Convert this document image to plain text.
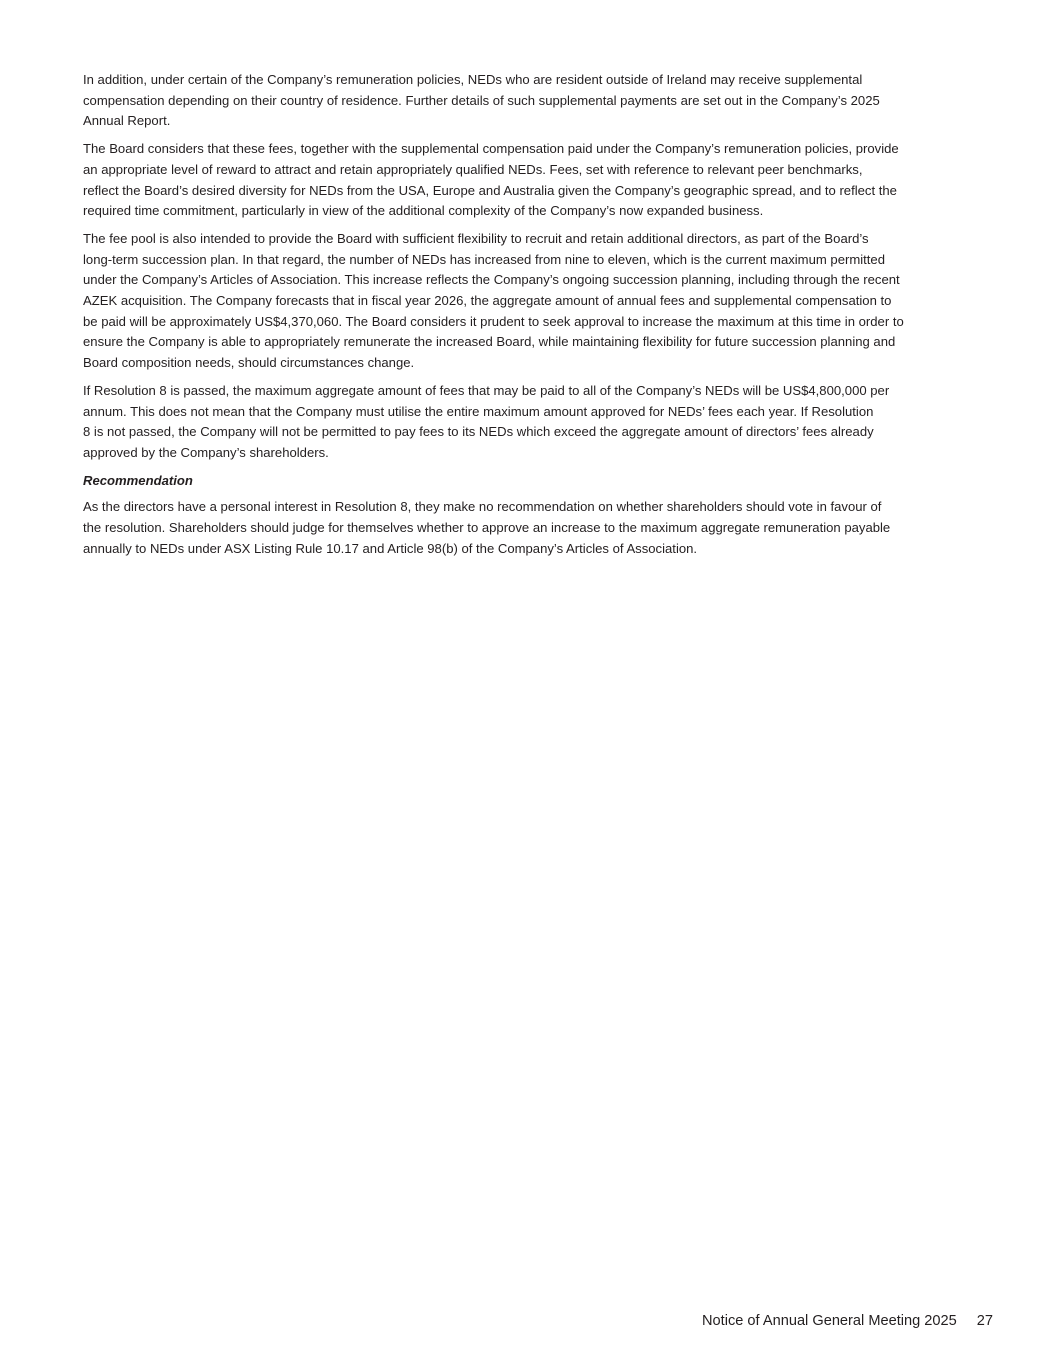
In addition, under certain of the Company’s remuneration policies, NEDs who are resident outside of Ireland may receive supplemental
compensation depending on their country of residence. Further details of such supplemental payments are set out in the Company’s 2025
Annual Report.

The Board considers that these fees, together with the supplemental compensation paid under the Company’s remuneration policies, provide
an appropriate level of reward to attract and retain appropriately qualified NEDs. Fees, set with reference to relevant peer benchmarks,
reflect the Board’s desired diversity for NEDs from the USA, Europe and Australia given the Company’s geographic spread, and to reflect the
required time commitment, particularly in view of the additional complexity of the Company’s now expanded business.

The fee pool is also intended to provide the Board with sufficient flexibility to recruit and retain additional directors, as part of the Board’s
long-term succession plan. In that regard, the number of NEDs has increased from nine to eleven, which is the current maximum permitted
under the Company’s Articles of Association. This increase reflects the Company’s ongoing succession planning, including through the recent
AZEK acquisition. The Company forecasts that in fiscal year 2026, the aggregate amount of annual fees and supplemental compensation to
be paid will be approximately US$4,370,060. The Board considers it prudent to seek approval to increase the maximum at this time in order to
ensure the Company is able to appropriately remunerate the increased Board, while maintaining flexibility for future succession planning and
Board composition needs, should circumstances change.

If Resolution 8 is passed, the maximum aggregate amount of fees that may be paid to all of the Company’s NEDs will be US$4,800,000 per
annum. This does not mean that the Company must utilise the entire maximum amount approved for NEDs’ fees each year. If Resolution
8 is not passed, the Company will not be permitted to pay fees to its NEDs which exceed the aggregate amount of directors’ fees already
approved by the Company’s shareholders.

Recommendation

As the directors have a personal interest in Resolution 8, they make no recommendation on whether shareholders should vote in favour of
the resolution. Shareholders should judge for themselves whether to approve an increase to the maximum aggregate remuneration payable
annually to NEDs under ASX Listing Rule 10.17 and Article 98(b) of the Company’s Articles of Association.

Notice of Annual General Meeting 2025 27
